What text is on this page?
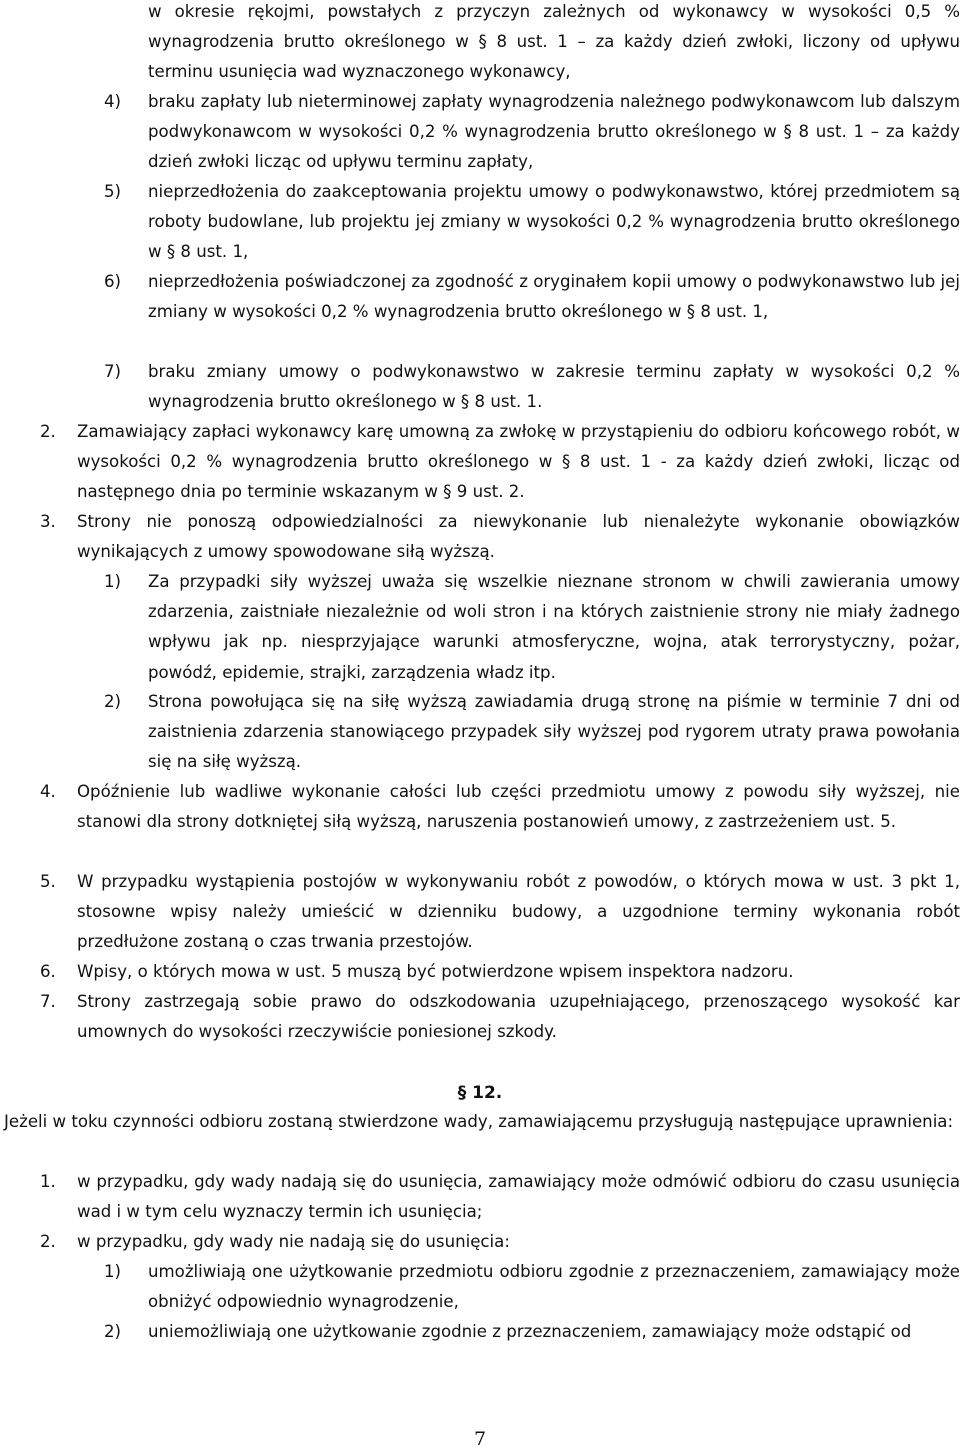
w okresie rękojmi, powstałych z przyczyn zależnych od wykonawcy w wysokości 0,5 % wynagrodzenia brutto określonego w § 8 ust. 1 – za każdy dzień zwłoki, liczony od upływu terminu usunięcia wad wyznaczonego wykonawcy,
4) braku zapłaty lub nieterminowej zapłaty wynagrodzenia należnego podwykonawcom lub dalszym podwykonawcom w wysokości 0,2 % wynagrodzenia brutto określonego w § 8 ust. 1 – za każdy dzień zwłoki licząc od upływu terminu zapłaty,
5) nieprzedłożenia do zaakceptowania projektu umowy o podwykonawstwo, której przedmiotem są roboty budowlane, lub projektu jej zmiany w wysokości 0,2 % wynagrodzenia brutto określonego w § 8 ust. 1,
6) nieprzedłożenia poświadczonej za zgodność z oryginałem kopii umowy o podwykonawstwo lub jej zmiany w wysokości 0,2 % wynagrodzenia brutto określonego w § 8 ust. 1,
7) braku zmiany umowy o podwykonawstwo w zakresie terminu zapłaty w wysokości 0,2 % wynagrodzenia brutto określonego w § 8 ust. 1.
2. Zamawiający zapłaci wykonawcy karę umowną za zwłokę w przystąpieniu do odbioru końcowego robót, w wysokości 0,2 % wynagrodzenia brutto określonego w § 8 ust. 1 - za każdy dzień zwłoki, licząc od następnego dnia po terminie wskazanym w § 9 ust. 2.
3. Strony nie ponoszą odpowiedzialności za niewykonanie lub nienależyte wykonanie obowiązków wynikających z umowy spowodowane siłą wyższą.
1) Za przypadki siły wyższej uważa się wszelkie nieznane stronom w chwili zawierania umowy zdarzenia, zaistniałe niezależnie od woli stron i na których zaistnienie strony nie miały żadnego wpływu jak np. niesprzyjające warunki atmosferyczne, wojna, atak terrorystyczny, pożar, powódź, epidemie, strajki, zarządzenia władz itp.
2) Strona powołująca się na siłę wyższą zawiadamia drugą stronę na piśmie w terminie 7 dni od zaistnienia zdarzenia stanowiącego przypadek siły wyższej pod rygorem utraty prawa powołania się na siłę wyższą.
4. Opóźnienie lub wadliwe wykonanie całości lub części przedmiotu umowy z powodu siły wyższej, nie stanowi dla strony dotkniętej siłą wyższą, naruszenia postanowień umowy, z zastrzeżeniem ust. 5.
5. W przypadku wystąpienia postojów w wykonywaniu robót z powodów, o których mowa w ust. 3 pkt 1, stosowne wpisy należy umieścić w dzienniku budowy, a uzgodnione terminy wykonania robót przedłużone zostaną o czas trwania przestojów.
6. Wpisy, o których mowa w ust. 5 muszą być potwierdzone wpisem inspektora nadzoru.
7. Strony zastrzegają sobie prawo do odszkodowania uzupełniającego, przenoszącego wysokość kar umownych do wysokości rzeczywiście poniesionej szkody.
Jeżeli w toku czynności odbioru zostaną stwierdzone wady, zamawiającemu przysługują następujące uprawnienia:
1. w przypadku, gdy wady nadają się do usunięcia, zamawiający może odmówić odbioru do czasu usunięcia wad i w tym celu wyznaczy termin ich usunięcia;
2. w przypadku, gdy wady nie nadają się do usunięcia:
1) umożliwiają one użytkowanie przedmiotu odbioru zgodnie z przeznaczeniem, zamawiający może obniżyć odpowiednio wynagrodzenie,
2) uniemożliwiają one użytkowanie zgodnie z przeznaczeniem, zamawiający może odstąpić od
§ 12.
7
